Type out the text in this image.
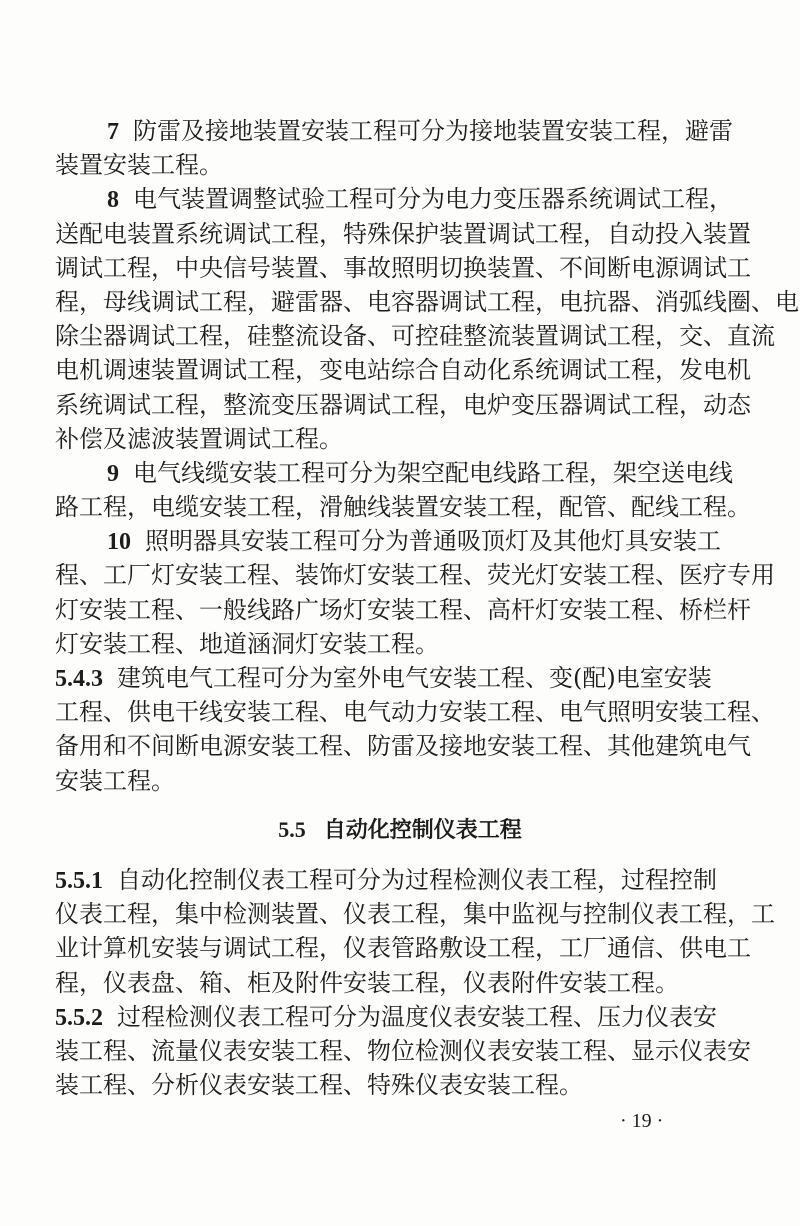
7 防雷及接地装置安装工程可分为接地装置安装工程，避雷
装置安装工程。
8 电气装置调整试验工程可分为电力变压器系统调试工程，
送配电装置系统调试工程，特殊保护装置调试工程，自动投入装置
调试工程，中央信号装置、事故照明切换装置、不间断电源调试工
程，母线调试工程，避雷器、电容器调试工程，电抗器、消弧线圈、电
除尘器调试工程，硅整流设备、可控硅整流装置调试工程，交、直流
电机调速装置调试工程，变电站综合自动化系统调试工程，发电机
系统调试工程，整流变压器调试工程，电炉变压器调试工程，动态
补偿及滤波装置调试工程。
9 电气线缆安装工程可分为架空配电线路工程，架空送电线
路工程，电缆安装工程，滑触线装置安装工程，配管、配线工程。
10 照明器具安装工程可分为普通吸顶灯及其他灯具安装工
程、工厂灯安装工程、装饰灯安装工程、荧光灯安装工程、医疗专用
灯安装工程、一般线路广场灯安装工程、高杆灯安装工程、桥栏杆
灯安装工程、地道涵洞灯安装工程。
5.4.3 建筑电气工程可分为室外电气安装工程、变(配)电室安装
工程、供电干线安装工程、电气动力安装工程、电气照明安装工程、
备用和不间断电源安装工程、防雷及接地安装工程、其他建筑电气
安装工程。
5.5 自动化控制仪表工程
5.5.1 自动化控制仪表工程可分为过程检测仪表工程，过程控制
仪表工程，集中检测装置、仪表工程，集中监视与控制仪表工程，工
业计算机安装与调试工程，仪表管路敷设工程，工厂通信、供电工
程，仪表盘、箱、柜及附件安装工程，仪表附件安装工程。
5.5.2 过程检测仪表工程可分为温度仪表安装工程、压力仪表安
装工程、流量仪表安装工程、物位检测仪表安装工程、显示仪表安
装工程、分析仪表安装工程、特殊仪表安装工程。
· 19 ·
